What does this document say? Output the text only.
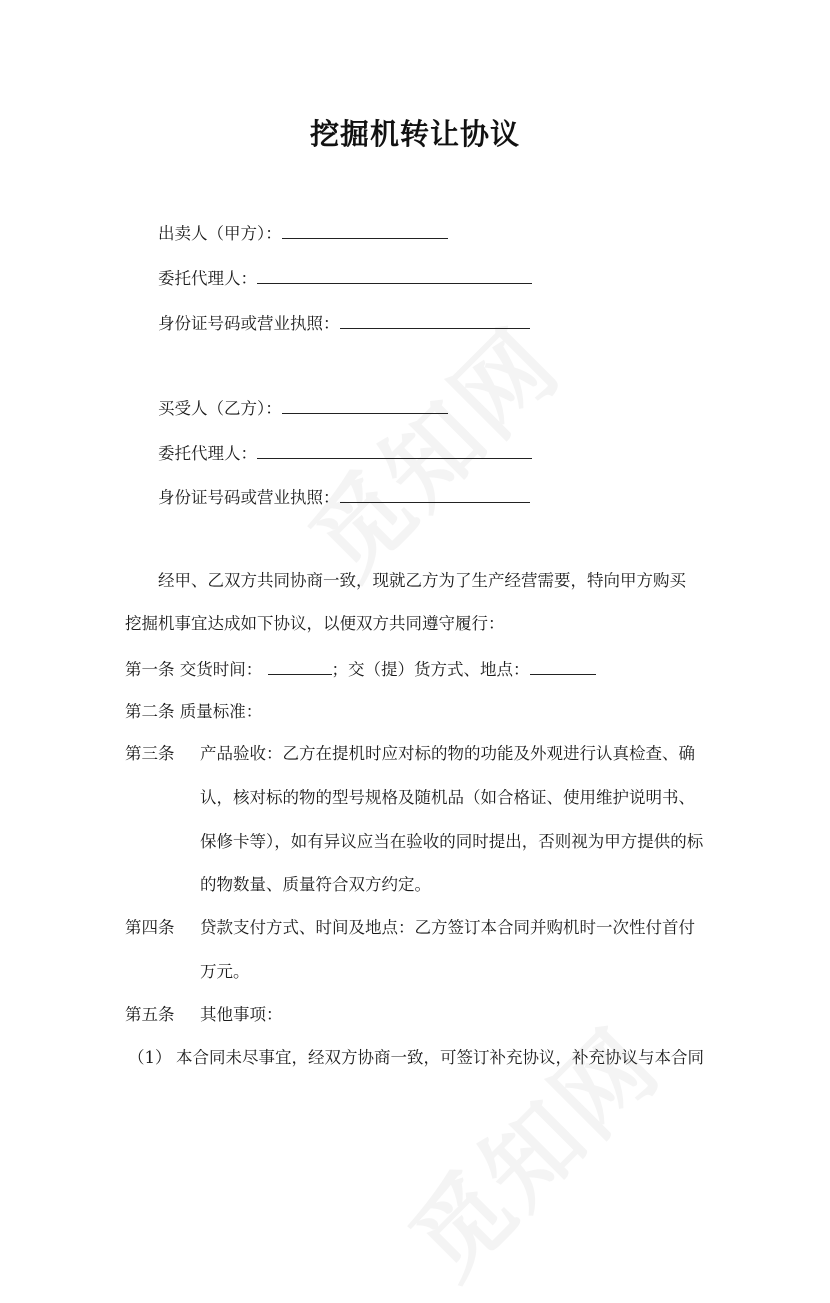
挖掘机转让协议
出卖人（甲方）：
委托代理人：
身份证号码或营业执照：
买受人（乙方）：
委托代理人：
身份证号码或营业执照：
经甲、乙双方共同协商一致，现就乙方为了生产经营需要，特向甲方购买
挖掘机事宜达成如下协议，以便双方共同遵守履行：
第一条 交货时间：	；交（提）货方式、地点：
第二条 质量标准：
第三条 产品验收：乙方在提机时应对标的物的功能及外观进行认真检查、确
认，核对标的物的型号规格及随机品（如合格证、使用维护说明书、
保修卡等），如有异议应当在验收的同时提出，否则视为甲方提供的标
的物数量、质量符合双方约定。
第四条 贷款支付方式、时间及地点：乙方签订本合同并购机时一次性付首付
万元。
第五条 其他事项：
（1） 本合同未尽事宜，经双方协商一致，可签订补充协议，补充协议与本合同
